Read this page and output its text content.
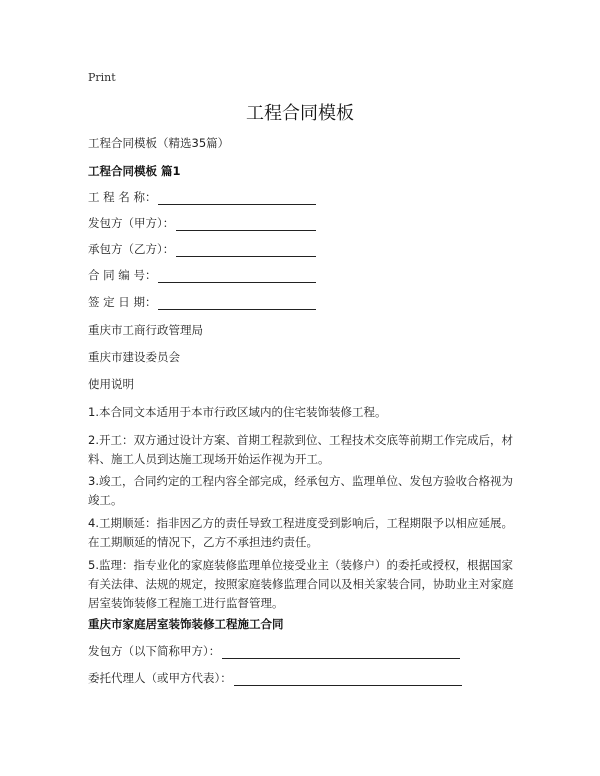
Print
工程合同模板
工程合同模板（精选35篇）
工程合同模板 篇1
工 程 名 称：
发包方（甲方）：
承包方（乙方）：
合 同 编 号：
签 定 日 期：
重庆市工商行政管理局
重庆市建设委员会
使用说明

1.本合同文本适用于本市行政区域内的住宅装饰装修工程。

2.开工：双方通过设计方案、首期工程款到位、工程技术交底等前期工作完成后，材料、施工人员到达施工现场开始运作视为开工。

3.竣工，合同约定的工程内容全部完成，经承包方、监理单位、发包方验收合格视为竣工。

4.工期顺延：指非因乙方的责任导致工程进度受到影响后，工程期限予以相应延展。在工期顺延的情况下，乙方不承担违约责任。

5.监理：指专业化的家庭装修监理单位接受业主（装修户）的委托或授权，根据国家有关法律、法规的规定，按照家庭装修监理合同以及相关家装合同，协助业主对家庭居室装饰装修工程施工进行监督管理。

重庆市家庭居室装饰装修工程施工合同
发包方（以下简称甲方）：
委托代理人（或甲方代表）：
